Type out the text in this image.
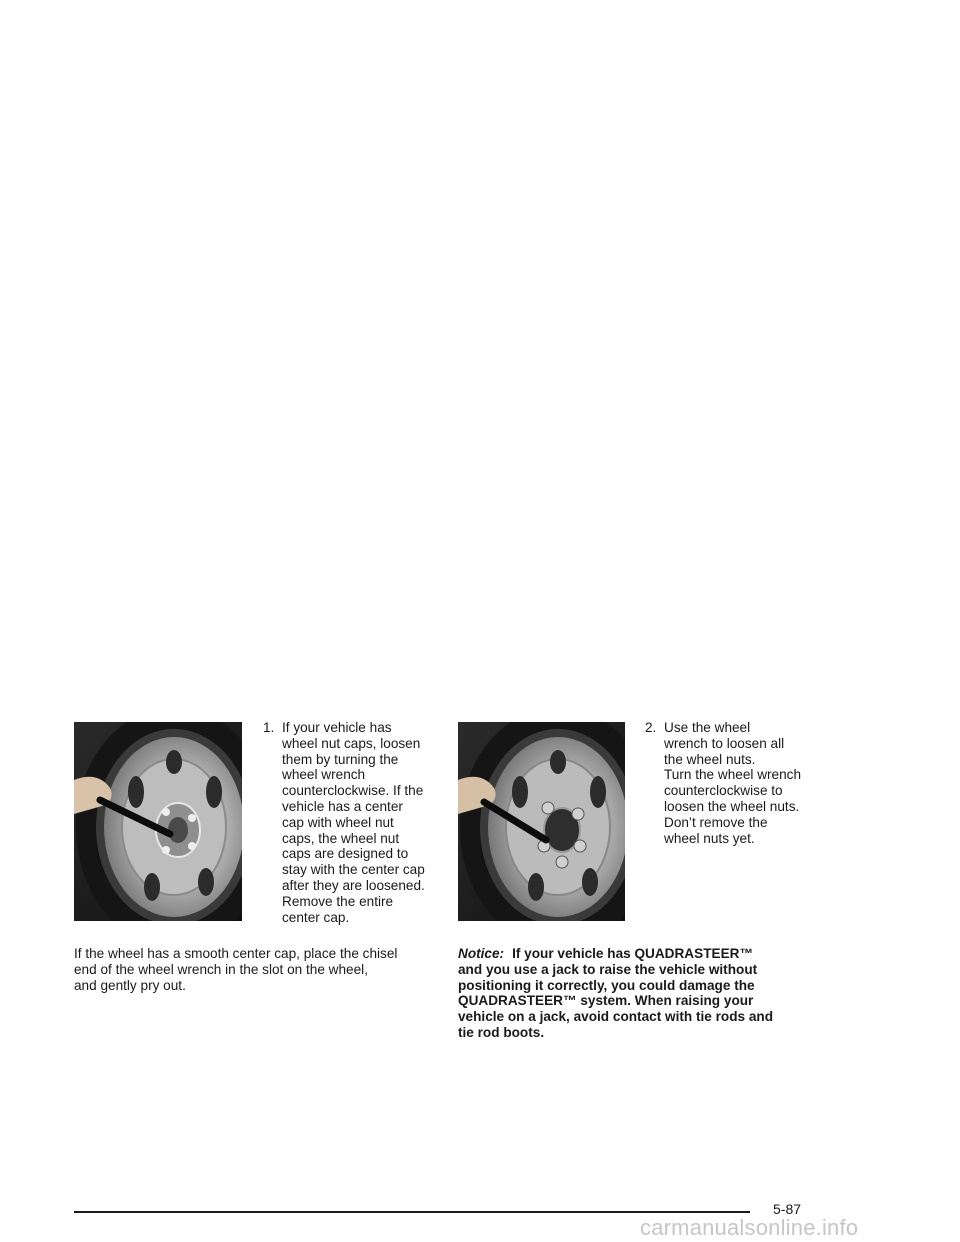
1. If your vehicle has
wheel nut caps, loosen
them by turning the
wheel wrench
counterclockwise. If the
vehicle has a center
cap with wheel nut
caps, the wheel nut
caps are designed to
stay with the center cap
after they are loosened.
Remove the entire
center cap.
2. Use the wheel
wrench to loosen all
the wheel nuts.
Turn the wheel wrench
counterclockwise to
loosen the wheel nuts.
Don’t remove the
wheel nuts yet.

If the wheel has a smooth center cap, place the chisel
end of the wheel wrench in the slot on the wheel,
and gently pry out.

Notice: If your vehicle has QUADRASTEER™
and you use a jack to raise the vehicle without
positioning it correctly, you could damage the
QUADRASTEER™ system. When raising your
vehicle on a jack, avoid contact with tie rods and
tie rod boots.

5-87
carmanualsonline.info
